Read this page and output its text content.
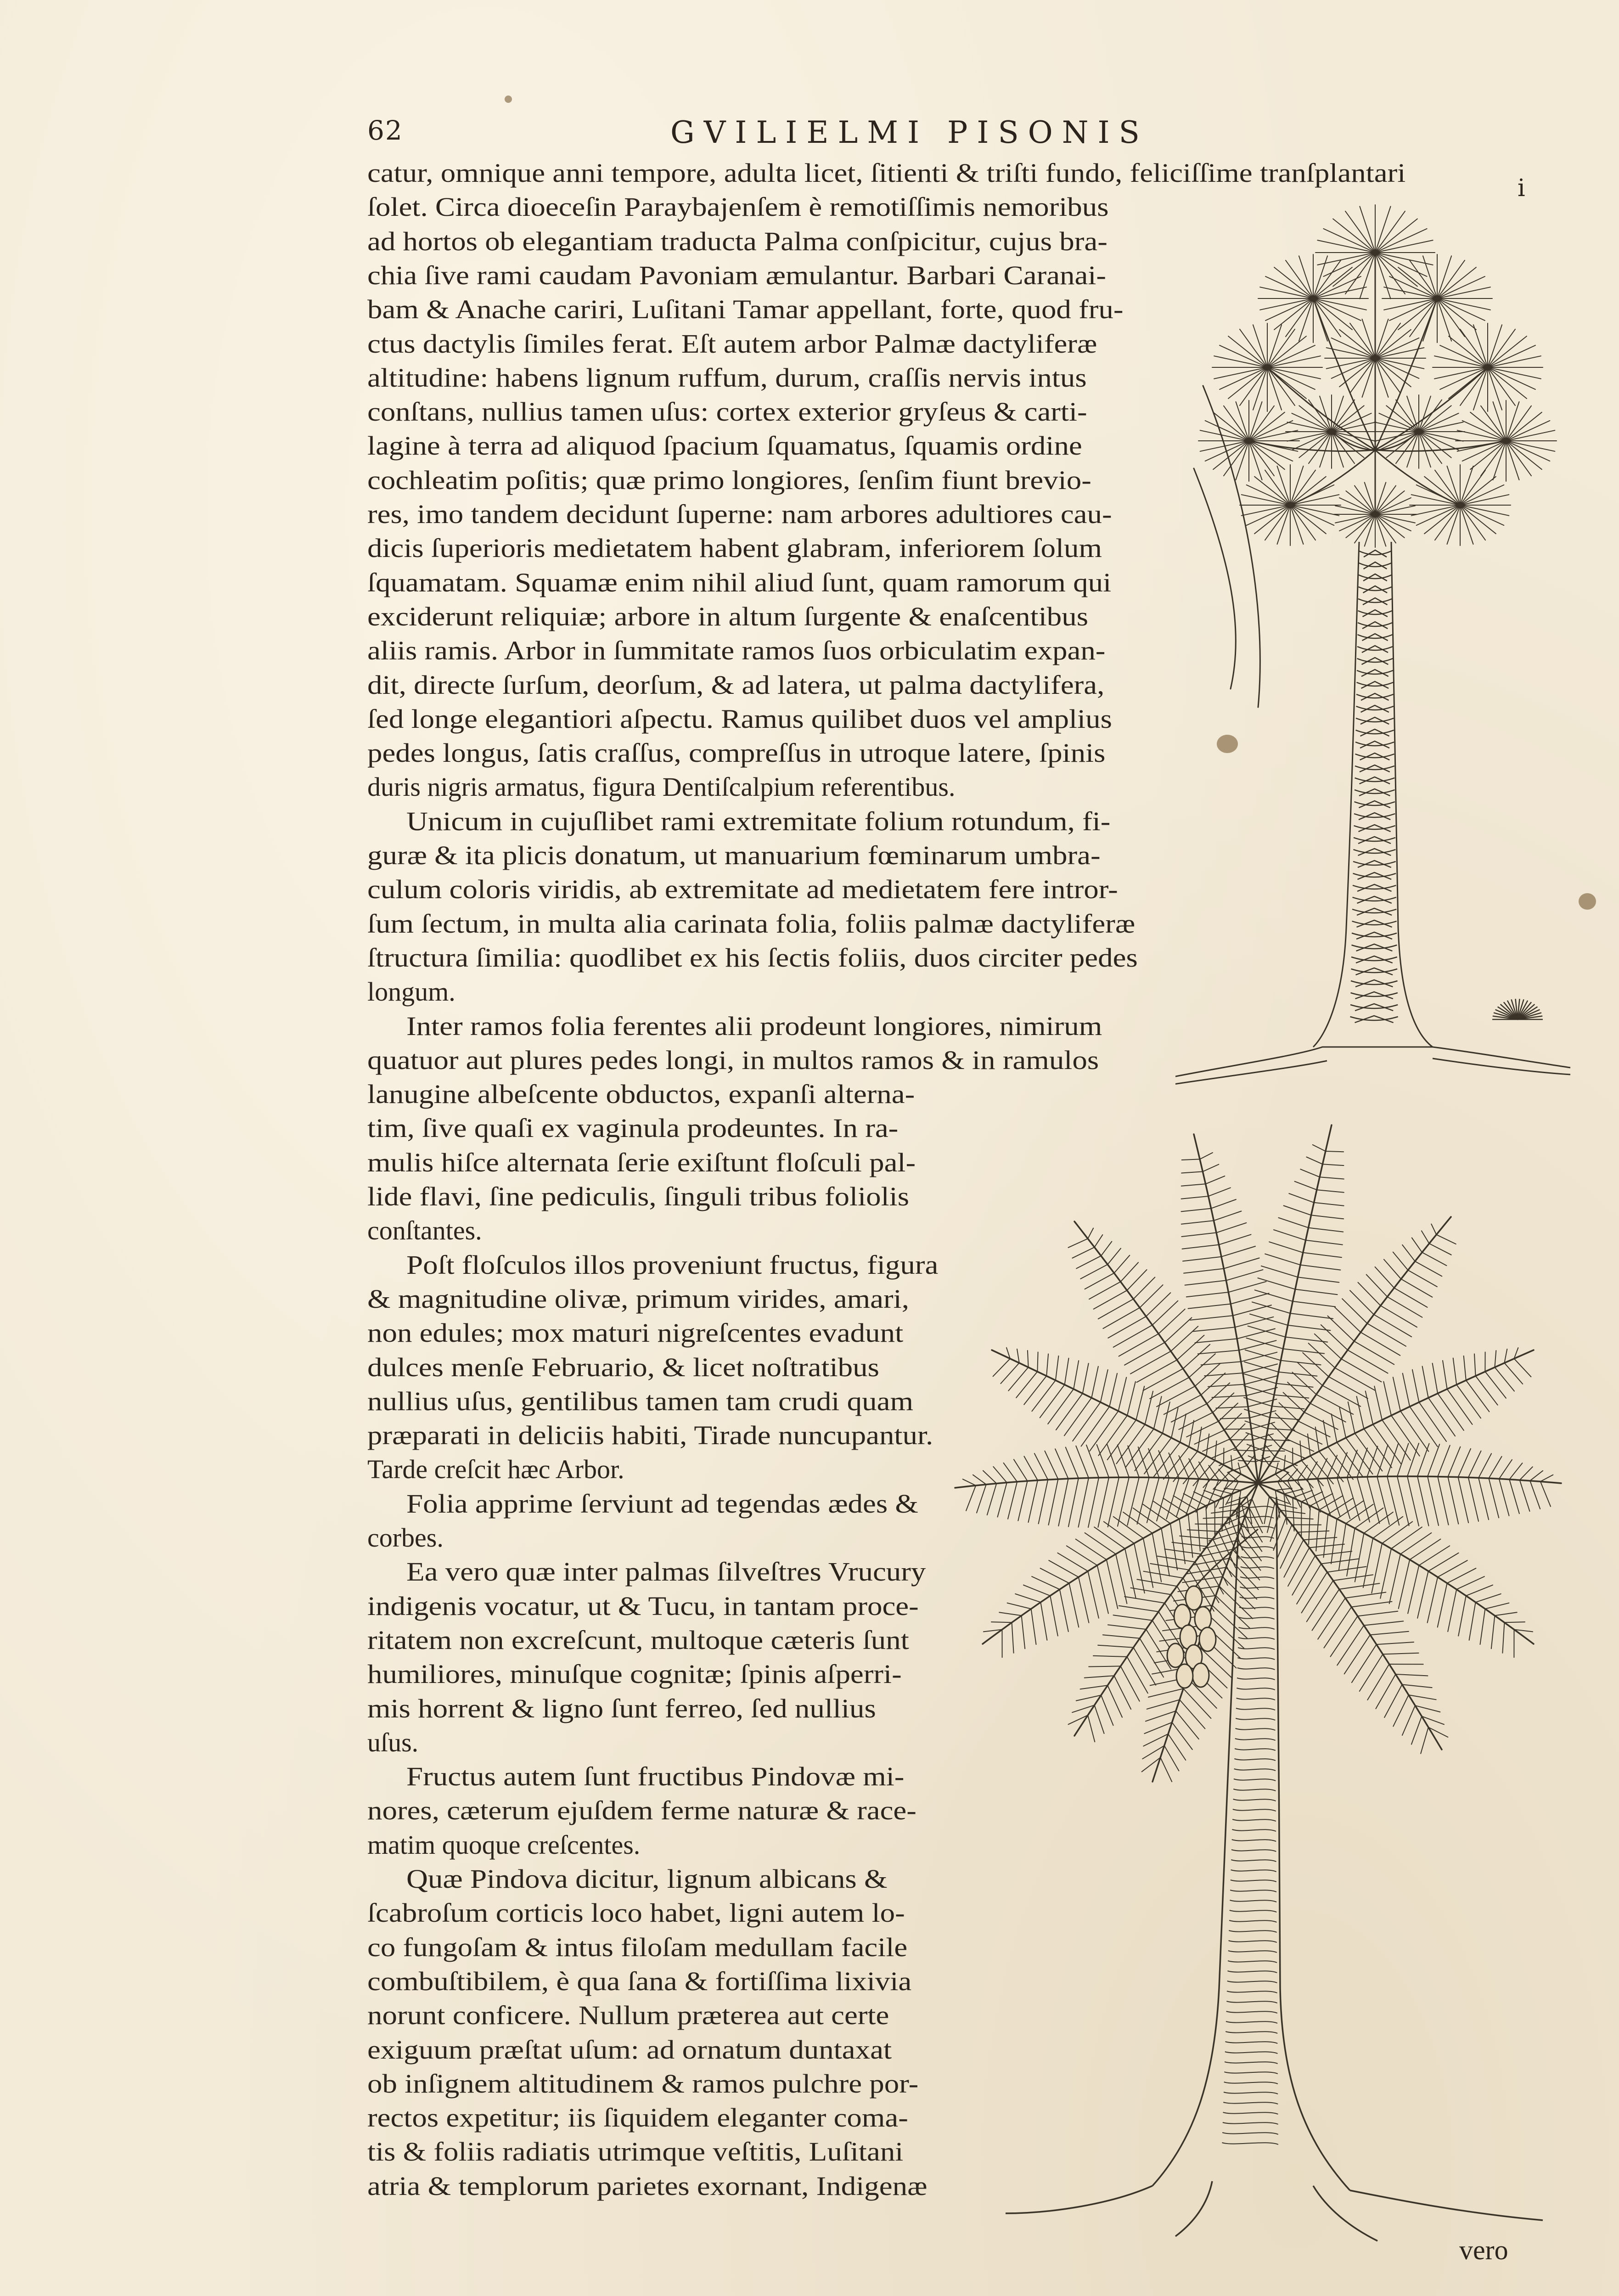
62	GVILIELMI PISONIS
catur, omnique anni tempore, adulta licet, ſitienti & triſti fundo, feliciſſime tranſplantari
ſolet. Circa dioeceſin Paraybajenſem è remotiſſimis nemoribus
ad hortos ob elegantiam traducta Palma conſpicitur, cujus bra-
chia ſive rami caudam Pavoniam æmulantur. Barbari Caranai-
bam & Anache cariri, Luſitani Tamar appellant, forte, quod fru-
ctus dactylis ſimiles ferat. Eſt autem arbor Palmæ dactyliferæ
altitudine: habens lignum ruffum, durum, craſſis nervis intus
conſtans, nullius tamen uſus: cortex exterior gryſeus & carti-
lagine à terra ad aliquod ſpacium ſquamatus, ſquamis ordine
cochleatim poſitis; quæ primo longiores, ſenſim fiunt brevio-
res, imo tandem decidunt ſuperne: nam arbores adultiores cau-
dicis ſuperioris medietatem habent glabram, inferiorem ſolum
ſquamatam. Squamæ enim nihil aliud ſunt, quam ramorum qui
exciderunt reliquiæ; arbore in altum ſurgente & enaſcentibus
aliis ramis. Arbor in ſummitate ramos ſuos orbiculatim expan-
dit, directe ſurſum, deorſum, & ad latera, ut palma dactylifera,
ſed longe elegantiori aſpectu. Ramus quilibet duos vel amplius
pedes longus, ſatis craſſus, compreſſus in utroque latere, ſpinis
duris nigris armatus, figura Dentiſcalpium referentibus.
Unicum in cujuſlibet rami extremitate folium rotundum, fi-
guræ & ita plicis donatum, ut manuarium fœminarum umbra-
culum coloris viridis, ab extremitate ad medietatem fere intror-
ſum ſectum, in multa alia carinata folia, foliis palmæ dactyliferæ
ſtructura ſimilia: quodlibet ex his ſectis foliis, duos circiter pedes
longum.
Inter ramos folia ferentes alii prodeunt longiores, nimirum
quatuor aut plures pedes longi, in multos ramos & in ramulos
lanugine albeſcente obductos, expanſi alterna-
tim, ſive quaſi ex vaginula prodeuntes. In ra-
mulis hiſce alternata ſerie exiſtunt floſculi pal-
lide flavi, ſine pediculis, ſinguli tribus foliolis
conſtantes.
Poſt floſculos illos proveniunt fructus, figura
& magnitudine olivæ, primum virides, amari,
non edules; mox maturi nigreſcentes evadunt
dulces menſe Februario, & licet noſtratibus
nullius uſus, gentilibus tamen tam crudi quam
præparati in deliciis habiti, Tirade nuncupantur.
Tarde creſcit hæc Arbor.
Folia apprime ſerviunt ad tegendas ædes &
corbes.
Ea vero quæ inter palmas ſilveſtres Vrucury
indigenis vocatur, ut & Tucu, in tantam proce-
ritatem non excreſcunt, multoque cæteris ſunt
humiliores, minuſque cognitæ; ſpinis aſperri-
mis horrent & ligno ſunt ferreo, ſed nullius
uſus.
Fructus autem ſunt fructibus Pindovæ mi-
nores, cæterum ejuſdem ferme naturæ & race-
matim quoque creſcentes.
Quæ Pindova dicitur, lignum albicans &
ſcabroſum corticis loco habet, ligni autem lo-
co fungoſam & intus filoſam medullam facile
combuſtibilem, è qua ſana & fortiſſima lixivia
norunt conficere. Nullum præterea aut certe
exiguum præſtat uſum: ad ornatum duntaxat
ob inſignem altitudinem & ramos pulchre por-
rectos expetitur; iis ſiquidem eleganter coma-
tis & foliis radiatis utrimque veſtitis, Luſitani
atria & templorum parietes exornant, Indigenæ
i
vero
